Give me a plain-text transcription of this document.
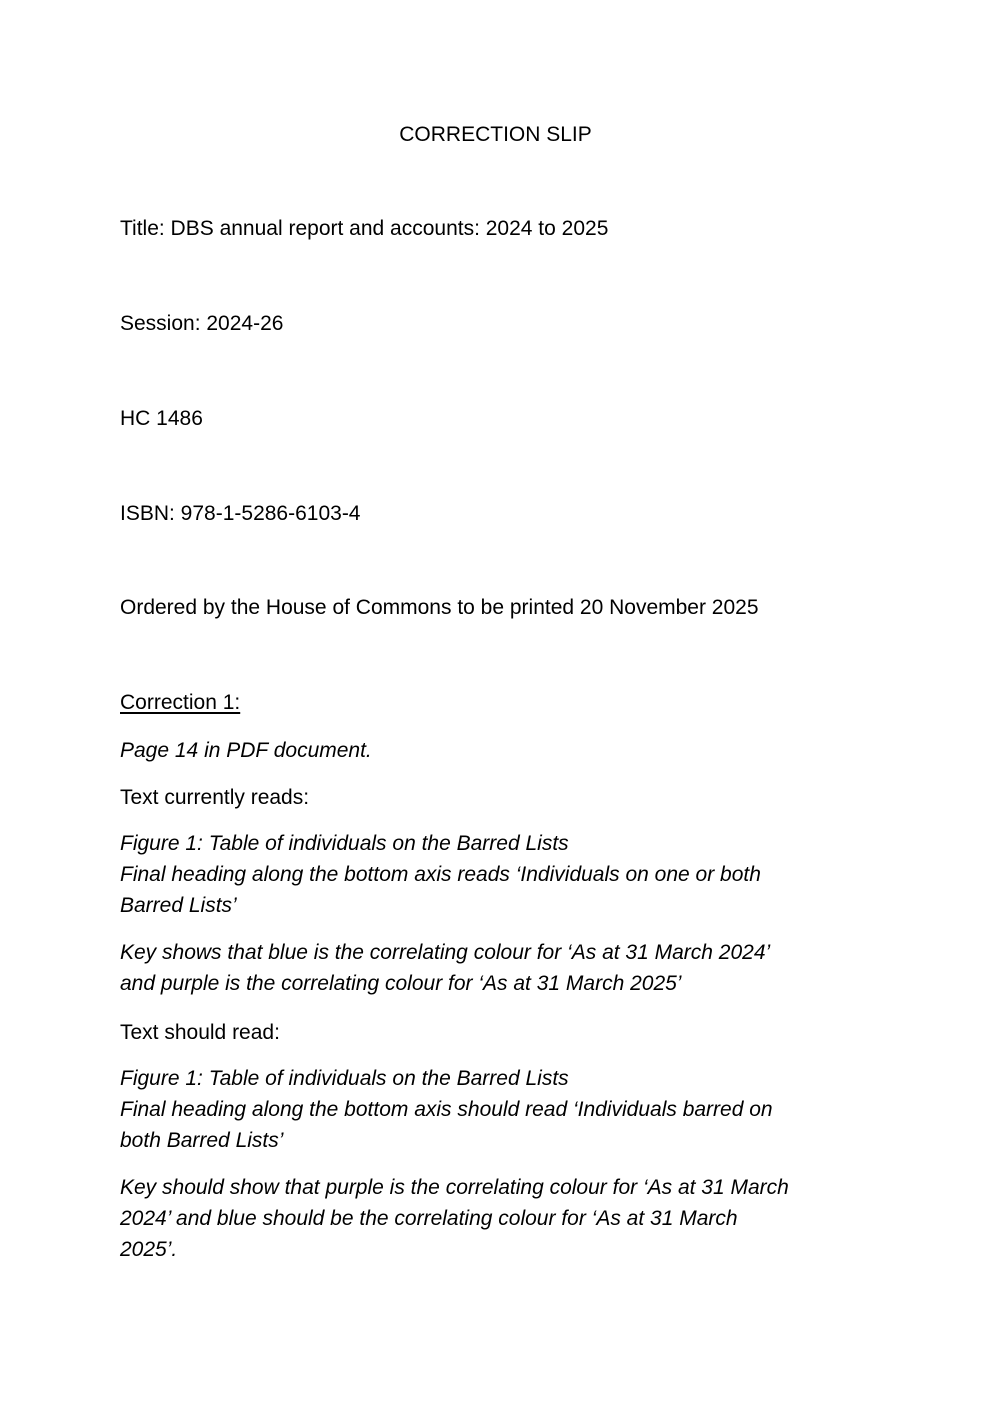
CORRECTION SLIP
Title: DBS annual report and accounts: 2024 to 2025
Session: 2024-26
HC 1486
ISBN: 978-1-5286-6103-4
Ordered by the House of Commons to be printed 20 November 2025
Correction 1:
Page 14 in PDF document.
Text currently reads:
Figure 1: Table of individuals on the Barred Lists
Final heading along the bottom axis reads ‘Individuals on one or both
Barred Lists’
Key shows that blue is the correlating colour for ‘As at 31 March 2024’
and purple is the correlating colour for ‘As at 31 March 2025’
Text should read:
Figure 1: Table of individuals on the Barred Lists
Final heading along the bottom axis should read ‘Individuals barred on
both Barred Lists’
Key should show that purple is the correlating colour for ‘As at 31 March
2024’ and blue should be the correlating colour for ‘As at 31 March
2025’.
